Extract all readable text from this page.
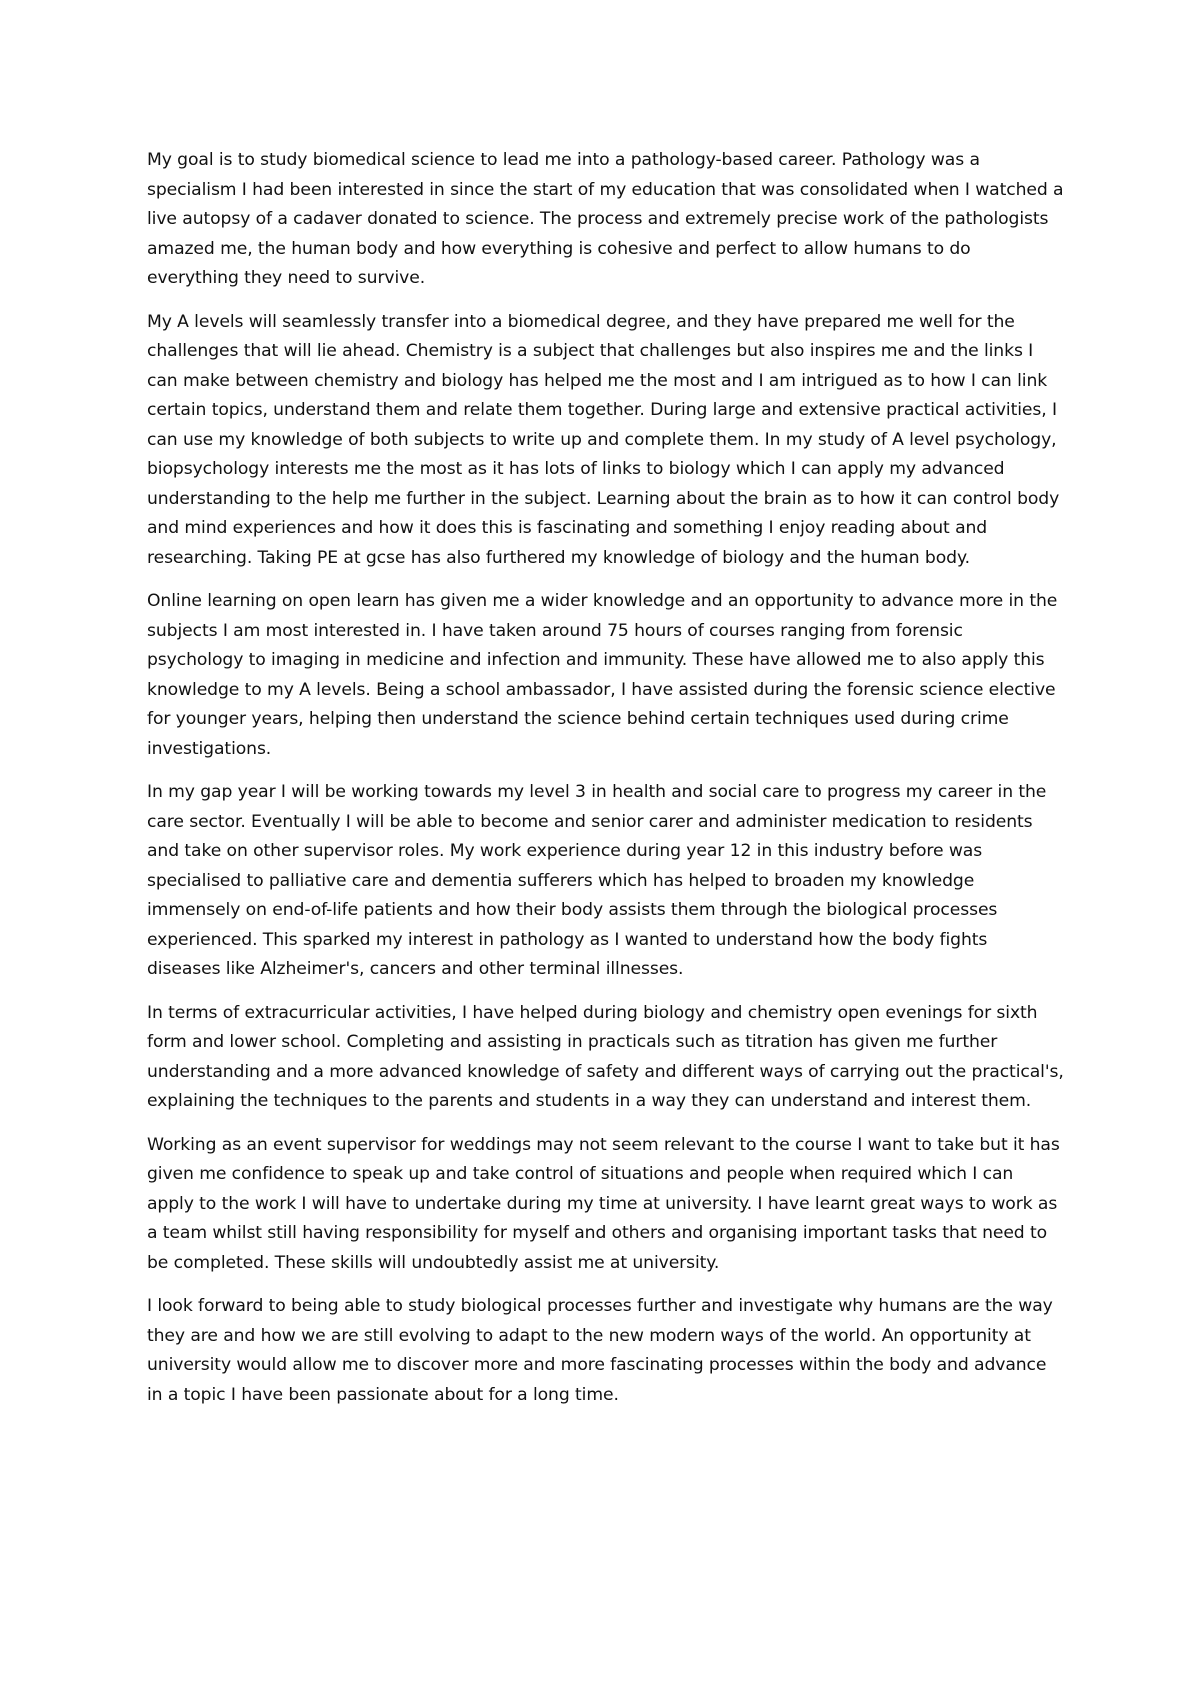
My goal is to study biomedical science to lead me into a pathology-based career. Pathology was a specialism I had been interested in since the start of my education that was consolidated when I watched a live autopsy of a cadaver donated to science. The process and extremely precise work of the pathologists amazed me, the human body and how everything is cohesive and perfect to allow humans to do everything they need to survive.

My A levels will seamlessly transfer into a biomedical degree, and they have prepared me well for the challenges that will lie ahead. Chemistry is a subject that challenges but also inspires me and the links I can make between chemistry and biology has helped me the most and I am intrigued as to how I can link certain topics, understand them and relate them together. During large and extensive practical activities, I can use my knowledge of both subjects to write up and complete them. In my study of A level psychology, biopsychology interests me the most as it has lots of links to biology which I can apply my advanced understanding to the help me further in the subject. Learning about the brain as to how it can control body and mind experiences and how it does this is fascinating and something I enjoy reading about and researching. Taking PE at gcse has also furthered my knowledge of biology and the human body.

Online learning on open learn has given me a wider knowledge and an opportunity to advance more in the subjects I am most interested in. I have taken around 75 hours of courses ranging from forensic psychology to imaging in medicine and infection and immunity. These have allowed me to also apply this knowledge to my A levels. Being a school ambassador, I have assisted during the forensic science elective for younger years, helping then understand the science behind certain techniques used during crime investigations.

In my gap year I will be working towards my level 3 in health and social care to progress my career in the care sector. Eventually I will be able to become and senior carer and administer medication to residents and take on other supervisor roles. My work experience during year 12 in this industry before was specialised to palliative care and dementia sufferers which has helped to broaden my knowledge immensely on end-of-life patients and how their body assists them through the biological processes experienced. This sparked my interest in pathology as I wanted to understand how the body fights diseases like Alzheimer's, cancers and other terminal illnesses.

In terms of extracurricular activities, I have helped during biology and chemistry open evenings for sixth form and lower school. Completing and assisting in practicals such as titration has given me further understanding and a more advanced knowledge of safety and different ways of carrying out the practical's, explaining the techniques to the parents and students in a way they can understand and interest them.

Working as an event supervisor for weddings may not seem relevant to the course I want to take but it has given me confidence to speak up and take control of situations and people when required which I can apply to the work I will have to undertake during my time at university. I have learnt great ways to work as a team whilst still having responsibility for myself and others and organising important tasks that need to be completed. These skills will undoubtedly assist me at university.

I look forward to being able to study biological processes further and investigate why humans are the way they are and how we are still evolving to adapt to the new modern ways of the world. An opportunity at university would allow me to discover more and more fascinating processes within the body and advance in a topic I have been passionate about for a long time.
